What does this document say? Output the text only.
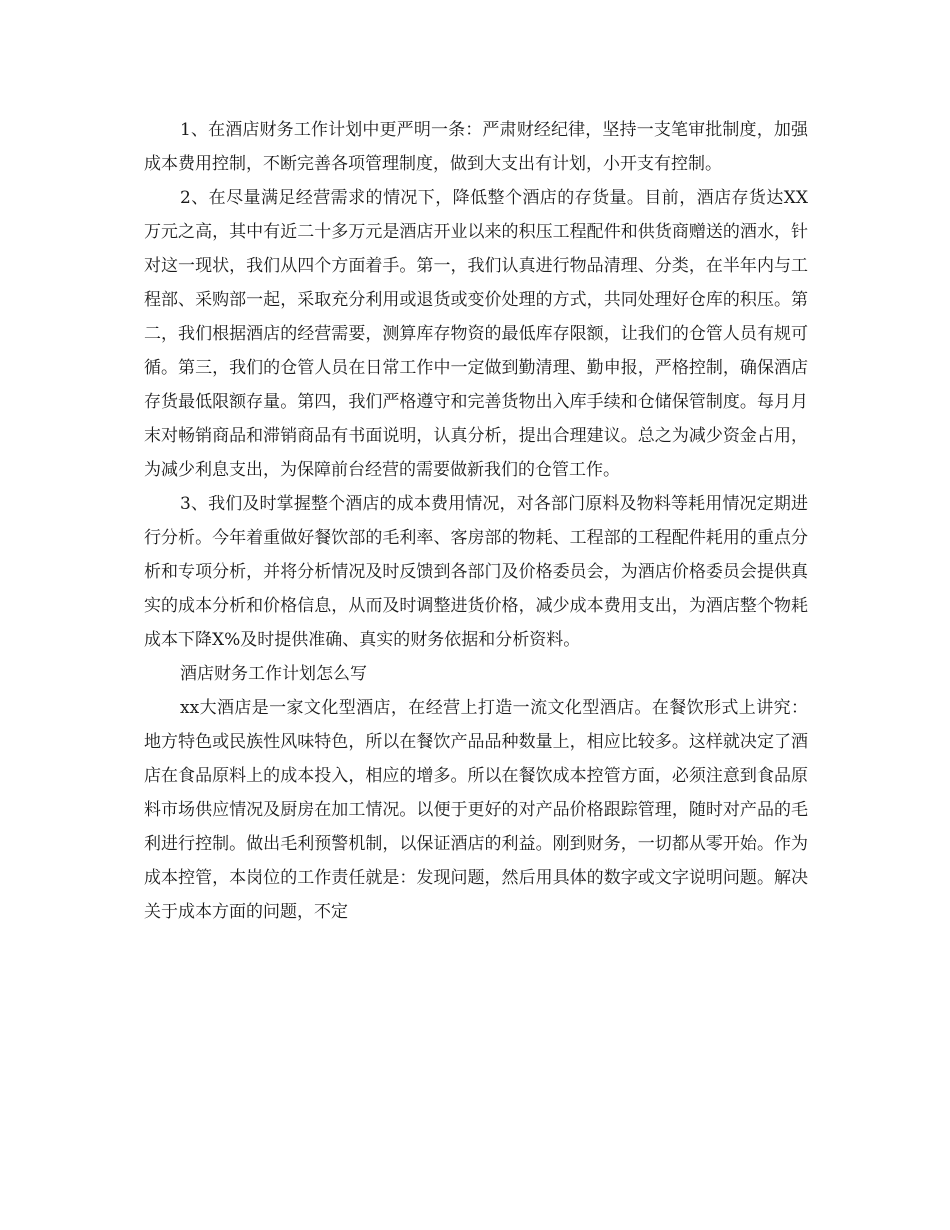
1、在酒店财务工作计划中更严明一条：严肃财经纪律，坚持一支笔审批制度，加强成本费用控制，不断完善各项管理制度，做到大支出有计划，小开支有控制。

2、在尽量满足经营需求的情况下，降低整个酒店的存货量。目前，酒店存货达XX万元之高，其中有近二十多万元是酒店开业以来的积压工程配件和供货商赠送的酒水，针对这一现状，我们从四个方面着手。第一，我们认真进行物品清理、分类，在半年内与工程部、采购部一起，采取充分利用或退货或变价处理的方式，共同处理好仓库的积压。第二，我们根据酒店的经营需要，测算库存物资的最低库存限额，让我们的仓管人员有规可循。第三，我们的仓管人员在日常工作中一定做到勤清理、勤申报，严格控制，确保酒店存货最低限额存量。第四，我们严格遵守和完善货物出入库手续和仓储保管制度。每月月末对畅销商品和滞销商品有书面说明，认真分析，提出合理建议。总之为减少资金占用，为减少利息支出，为保障前台经营的需要做新我们的仓管工作。

3、我们及时掌握整个酒店的成本费用情况，对各部门原料及物料等耗用情况定期进行分析。今年着重做好餐饮部的毛利率、客房部的物耗、工程部的工程配件耗用的重点分析和专项分析，并将分析情况及时反馈到各部门及价格委员会，为酒店价格委员会提供真实的成本分析和价格信息，从而及时调整进货价格，减少成本费用支出，为酒店整个物耗成本下降X%及时提供准确、真实的财务依据和分析资料。

酒店财务工作计划怎么写

xx大酒店是一家文化型酒店，在经营上打造一流文化型酒店。在餐饮形式上讲究：地方特色或民族性风味特色，所以在餐饮产品品种数量上，相应比较多。这样就决定了酒店在食品原料上的成本投入，相应的增多。所以在餐饮成本控管方面，必须注意到食品原料市场供应情况及厨房在加工情况。以便于更好的对产品价格跟踪管理，随时对产品的毛利进行控制。做出毛利预警机制，以保证酒店的利益。刚到财务，一切都从零开始。作为成本控管，本岗位的工作责任就是：发现问题，然后用具体的数字或文字说明问题。解决关于成本方面的问题，不定
